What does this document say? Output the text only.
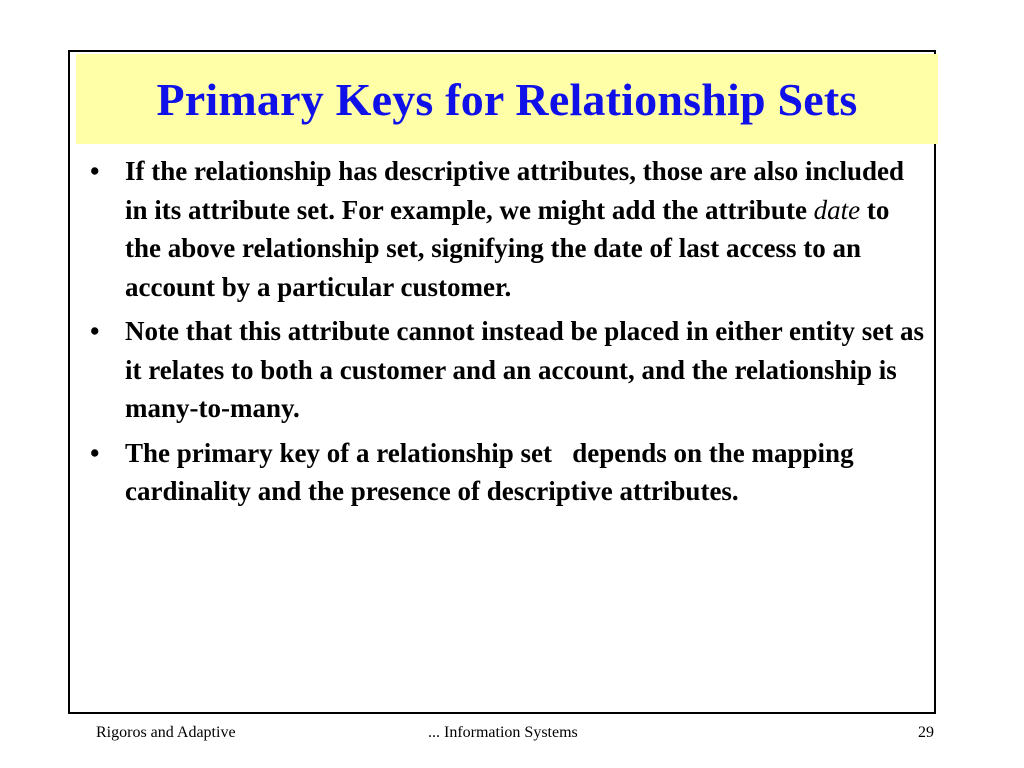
Primary Keys for Relationship Sets
• If the relationship has descriptive attributes, those are also included in its attribute set. For example, we might add the attribute date to the above relationship set, signifying the date of last access to an account by a particular customer.
• Note that this attribute cannot instead be placed in either entity set as it relates to both a customer and an account, and the relationship is many-to-many.
• The primary key of a relationship set   depends on the mapping cardinality and the presence of descriptive attributes.
Rigoros and Adaptive	... Information Systems	29
